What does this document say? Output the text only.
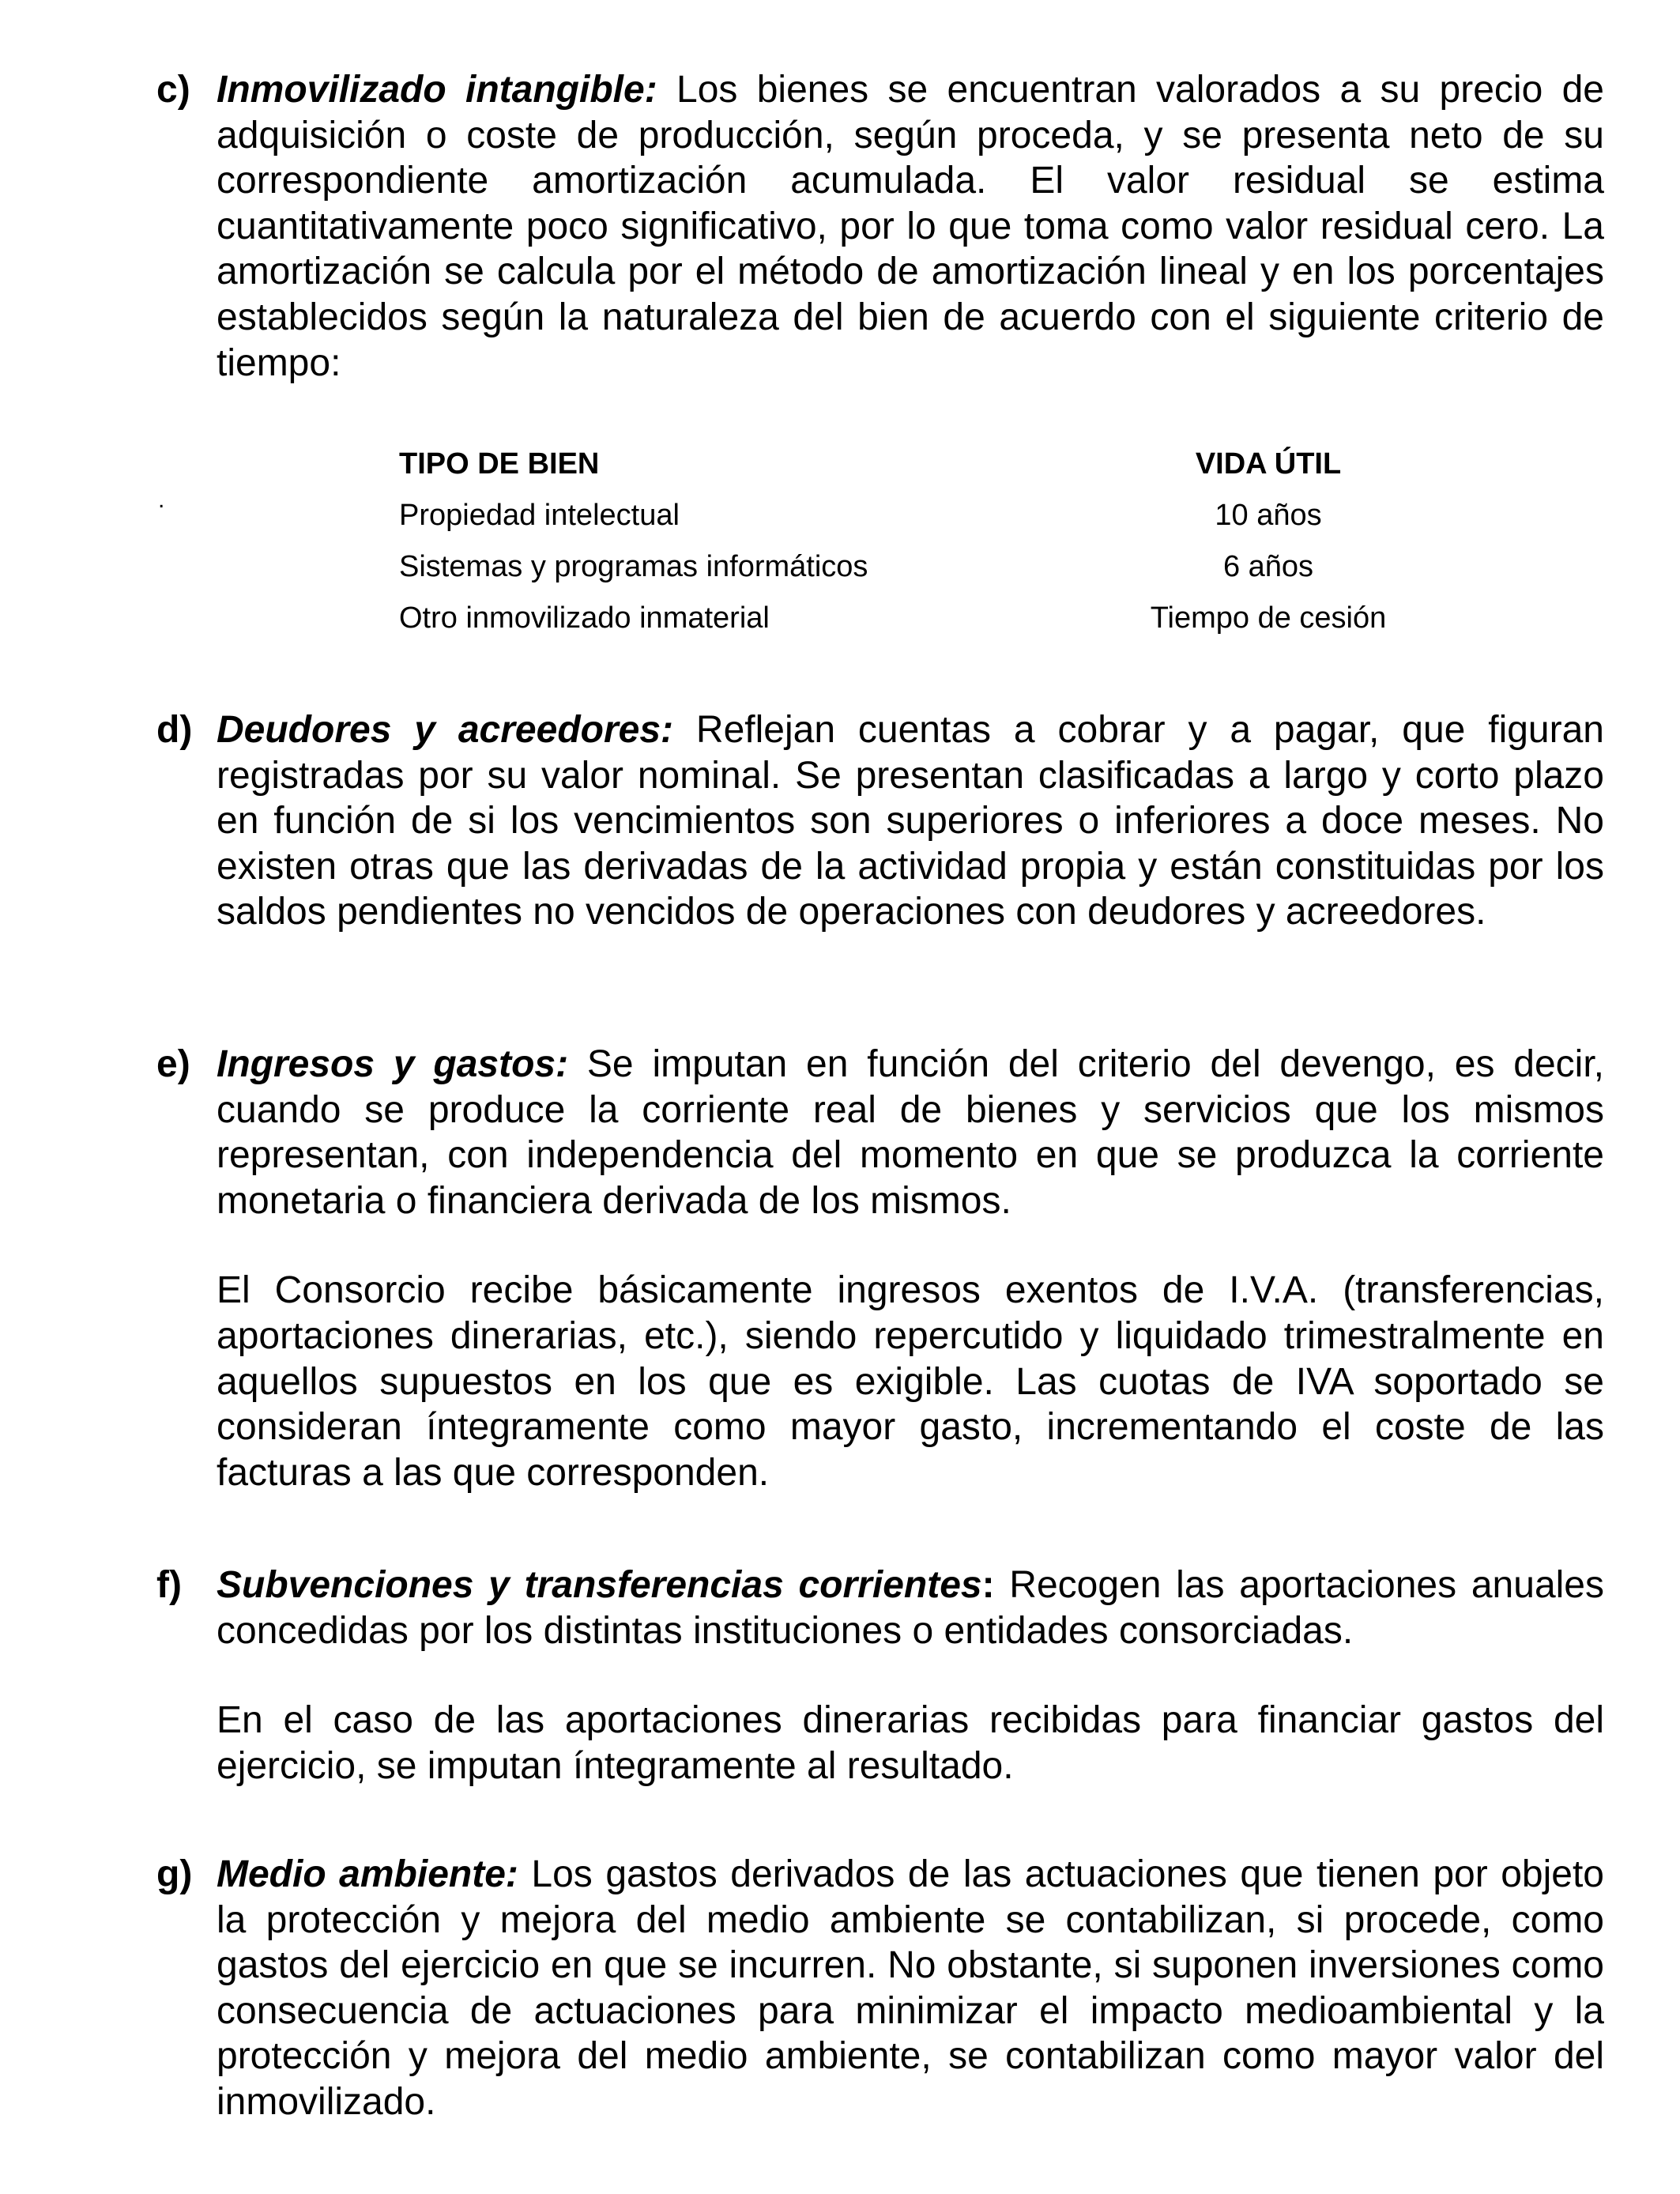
c) Inmovilizado intangible: Los bienes se encuentran valorados a su precio de adquisición o coste de producción, según proceda, y se presenta neto de su correspondiente amortización acumulada. El valor residual se estima cuantitativamente poco significativo, por lo que toma como valor residual cero. La amortización se calcula por el método de amortización lineal y en los porcentajes establecidos según la naturaleza del bien de acuerdo con el siguiente criterio de tiempo:

.
TIPO DE BIEN	VIDA ÚTIL
Propiedad intelectual	10 años
Sistemas y programas informáticos	6 años
Otro inmovilizado inmaterial	Tiempo de cesión
d) Deudores y acreedores: Reflejan cuentas a cobrar y a pagar, que figuran registradas por su valor nominal. Se presentan clasificadas a largo y corto plazo en función de si los vencimientos son superiores o inferiores a doce meses. No existen otras que las derivadas de la actividad propia y están constituidas por los saldos pendientes no vencidos de operaciones con deudores y acreedores.

e) Ingresos y gastos: Se imputan en función del criterio del devengo, es decir, cuando se produce la corriente real de bienes y servicios que los mismos representan, con independencia del momento en que se produzca la corriente monetaria o financiera derivada de los mismos.

El Consorcio recibe básicamente ingresos exentos de I.V.A. (transferencias, aportaciones dinerarias, etc.), siendo repercutido y liquidado trimestralmente en aquellos supuestos en los que es exigible. Las cuotas de IVA soportado se consideran íntegramente como mayor gasto, incrementando el coste de las facturas a las que corresponden.

f) Subvenciones y transferencias corrientes: Recogen las aportaciones anuales concedidas por los distintas instituciones o entidades consorciadas.

En el caso de las aportaciones dinerarias recibidas para financiar gastos del ejercicio, se imputan íntegramente al resultado.

g) Medio ambiente: Los gastos derivados de las actuaciones que tienen por objeto la protección y mejora del medio ambiente se contabilizan, si procede, como gastos del ejercicio en que se incurren. No obstante, si suponen inversiones como consecuencia de actuaciones para minimizar el impacto medioambiental y la protección y mejora del medio ambiente, se contabilizan como mayor valor del inmovilizado.
